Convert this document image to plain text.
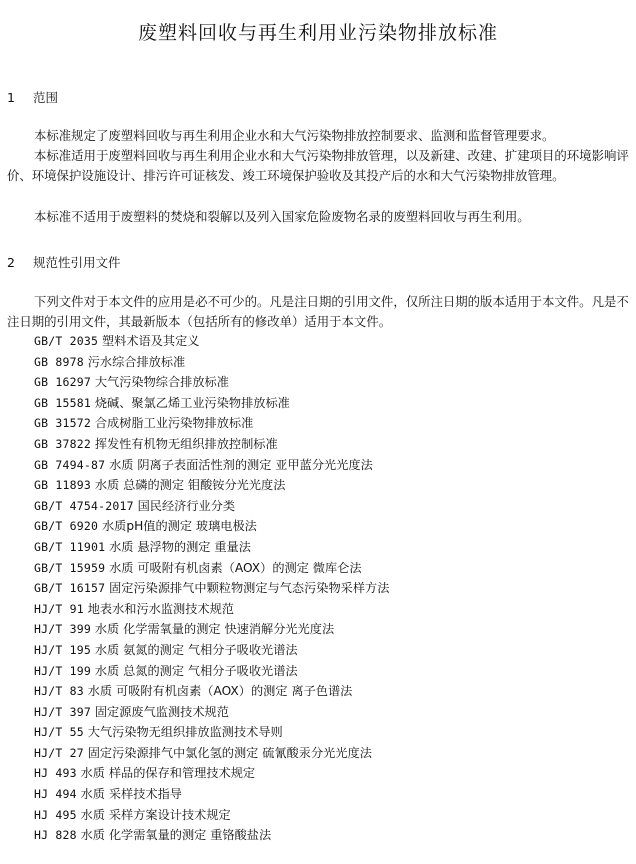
废塑料回收与再生利用业污染物排放标准
1 范围
本标准规定了废塑料回收与再生利用企业水和大气污染物排放控制要求、监测和监督管理要求。
本标准适用于废塑料回收与再生利用企业水和大气污染物排放管理，以及新建、改建、扩建项目的环境影响评价、环境保护设施设计、排污许可证核发、竣工环境保护验收及其投产后的水和大气污染物排放管理。
本标准不适用于废塑料的焚烧和裂解以及列入国家危险废物名录的废塑料回收与再生利用。
2 规范性引用文件
下列文件对于本文件的应用是必不可少的。凡是注日期的引用文件，仅所注日期的版本适用于本文件。凡是不注日期的引用文件，其最新版本（包括所有的修改单）适用于本文件。
GB/T 2035 塑料术语及其定义
GB 8978 污水综合排放标准
GB 16297 大气污染物综合排放标准
GB 15581 烧碱、聚氯乙烯工业污染物排放标准
GB 31572 合成树脂工业污染物排放标准
GB 37822 挥发性有机物无组织排放控制标准
GB 7494-87 水质 阴离子表面活性剂的测定 亚甲蓝分光光度法
GB 11893 水质 总磷的测定 钼酸铵分光光度法
GB/T 4754-2017 国民经济行业分类
GB/T 6920 水质pH值的测定 玻璃电极法
GB/T 11901 水质 悬浮物的测定 重量法
GB/T 15959 水质 可吸附有机卤素（AOX）的测定 微库仑法
GB/T 16157 固定污染源排气中颗粒物测定与气态污染物采样方法
HJ/T 91 地表水和污水监测技术规范
HJ/T 399 水质 化学需氧量的测定 快速消解分光光度法
HJ/T 195 水质 氨氮的测定 气相分子吸收光谱法
HJ/T 199 水质 总氮的测定 气相分子吸收光谱法
HJ/T 83 水质 可吸附有机卤素（AOX）的测定 离子色谱法
HJ/T 397 固定源废气监测技术规范
HJ/T 55 大气污染物无组织排放监测技术导则
HJ/T 27 固定污染源排气中氯化氢的测定 硫氰酸汞分光光度法
HJ 493 水质 样品的保存和管理技术规定
HJ 494 水质 采样技术指导
HJ 495 水质 采样方案设计技术规定
HJ 828 水质 化学需氧量的测定 重铬酸盐法
